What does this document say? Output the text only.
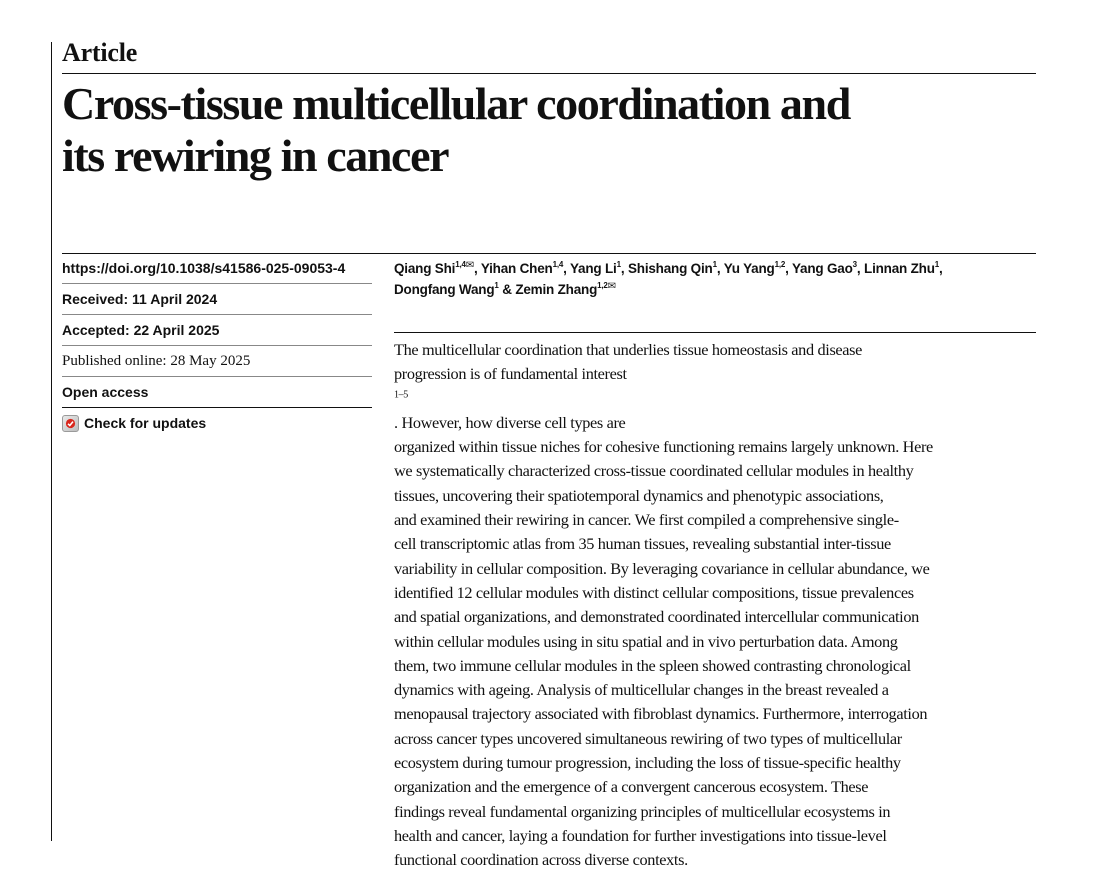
Article
Cross-tissue multicellular coordination and
its rewiring in cancer
https://doi.org/10.1038/s41586-025-09053-4
Received: 11 April 2024
Accepted: 22 April 2025
Published online: 28 May 2025
Open access
Check for updates
Qiang Shi$^{1,4}$✉, Yihan Chen$^{1,4}$, Yang Li$^1$, Shishang Qin$^1$, Yu Yang$^{1,2}$, Yang Gao$^3$, Linnan Zhu$^1$,
Dongfang Wang$^1$ & Zemin Zhang$^{1,2}$✉

The multicellular coordination that underlies tissue homeostasis and disease
progression is of fundamental interest
$^{1-5}$
. However, how diverse cell types are
organized within tissue niches for cohesive functioning remains largely unknown. Here
we systematically characterized cross-tissue coordinated cellular modules in healthy
tissues, uncovering their spatiotemporal dynamics and phenotypic associations,
and examined their rewiring in cancer. We first compiled a comprehensive single-
cell transcriptomic atlas from 35 human tissues, revealing substantial inter-tissue
variability in cellular composition. By leveraging covariance in cellular abundance, we
identified 12 cellular modules with distinct cellular compositions, tissue prevalences
and spatial organizations, and demonstrated coordinated intercellular communication
within cellular modules using in situ spatial and in vivo perturbation data. Among
them, two immune cellular modules in the spleen showed contrasting chronological
dynamics with ageing. Analysis of multicellular changes in the breast revealed a
menopausal trajectory associated with fibroblast dynamics. Furthermore, interrogation
across cancer types uncovered simultaneous rewiring of two types of multicellular
ecosystem during tumour progression, including the loss of tissue-specific healthy
organization and the emergence of a convergent cancerous ecosystem. These
findings reveal fundamental organizing principles of multicellular ecosystems in
health and cancer, laying a foundation for further investigations into tissue-level
functional coordination across diverse contexts.
